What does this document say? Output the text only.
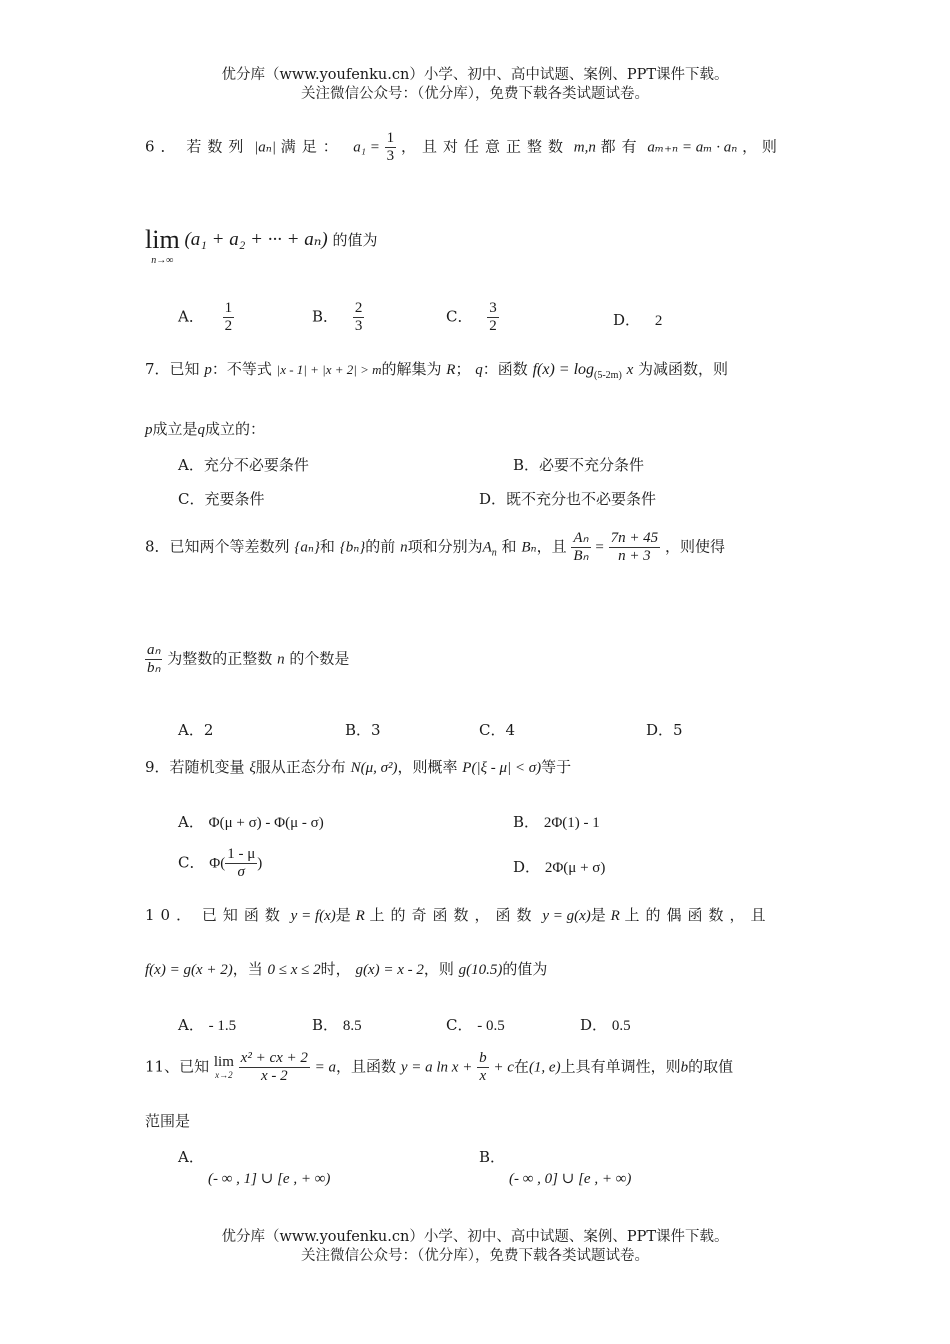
优分库（www.youfenku.cn）小学、初中、高中试题、案例、PPT课件下载。
关注微信公众号：（优分库），免费下载各类试题试卷。
6． 若数列 |aₙ| 满足： $a_1 = \frac{1}{3}$ ，且对任意正整数 m,n 都有 aₘ₊ₙ = aₘ · aₙ ， 则
lim
n→∞
(a₁ + a₂ + ··· + aₙ) 的值为
A． $\frac{1}{2}$	B． $\frac{2}{3}$	C． $\frac{3}{2}$	D． 2
7．已知 p：不等式 |x - 1| + |x + 2| > m的解集为 R； q：函数 $f(x) = \log_{(5-2m)} x$ 为减函数，则
p成立是q成立的：
A．充分不必要条件	B．必要不充分条件
C．充要条件	D．既不充分也不必要条件
8．已知两个等差数列 {aₙ}和 {bₙ}的前 n项和分别为$A_n$ 和 Bₙ，且 $\frac{\text{Aₙ}}{\text{Bₙ}} = \frac{7n + 45}{n + 3}$ ，则使得
$\frac{\text{aₙ}}{\text{bₙ}}$ 为整数的正整数 n 的个数是
A．2	B．3	C．4	D．5
9．若随机变量 ξ服从正态分布 N(μ, σ²)，则概率 P(|ξ - μ| < σ)等于
A． Φ(μ + σ) - Φ(μ - σ)	B． 2Φ(1) - 1
C． $\Phi( \frac{1 - \mu}{\sigma}$ )	D． 2Φ(μ + σ)
10． 已知函数 y = f(x)是 R 上的奇函数，函数 y = g(x)是 R 上的偶函数，且
f(x) = g(x + 2)，当 0 ≤ x ≤ 2时， g(x) = x - 2，则 g(10.5)的值为
A． - 1.5	B． 8.5	C． - 0.5	D． 0.5
11、已知 lim
x→2
$\frac{\text{x² + cx + 2}}{x - 2} = a$，且函数 y = a $\ln x + \frac{b}{x} + c$在(1, e)上具有单调性，则b的取值
范围是
A．
(- ∞ , 1] ∪ [e , + ∞)
B．
(- ∞ , 0] ∪ [e , + ∞)
优分库（www.youfenku.cn）小学、初中、高中试题、案例、PPT课件下载。
关注微信公众号：（优分库），免费下载各类试题试卷。
